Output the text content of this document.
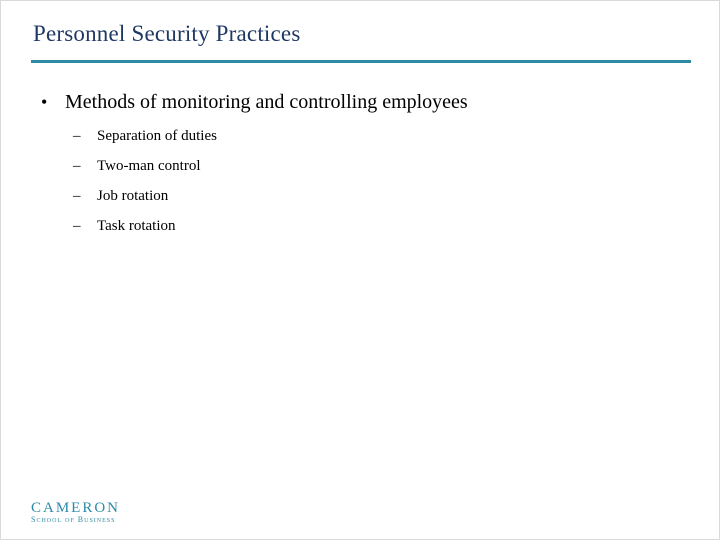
Personnel Security Practices
• Methods of monitoring and controlling employees
–	Separation of duties
–	Two-man control
–	Job rotation
–	Task rotation
CAMERON
School of Business
